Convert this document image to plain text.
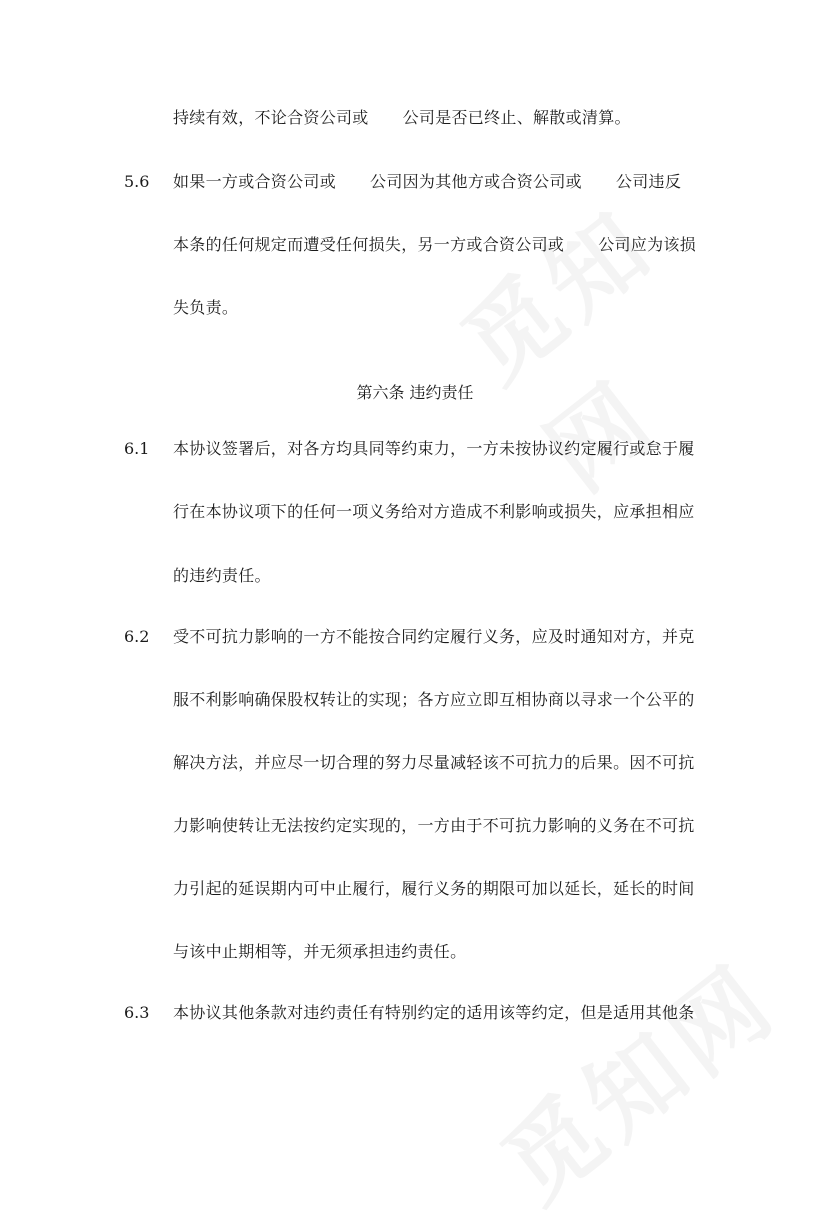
持续有效，不论合资公司或 公司是否已终止、解散或清算。
5.6 如果一方或合资公司或 公司因为其他方或合资公司或 公司违反
本条的任何规定而遭受任何损失，另一方或合资公司或 公司应为该损
失负责。
第六条 违约责任
6.1 本协议签署后，对各方均具同等约束力，一方未按协议约定履行或怠于履
行在本协议项下的任何一项义务给对方造成不利影响或损失，应承担相应
的违约责任。
6.2 受不可抗力影响的一方不能按合同约定履行义务，应及时通知对方，并克
服不利影响确保股权转让的实现；各方应立即互相协商以寻求一个公平的
解决方法，并应尽一切合理的努力尽量减轻该不可抗力的后果。因不可抗
力影响使转让无法按约定实现的，一方由于不可抗力影响的义务在不可抗
力引起的延误期内可中止履行，履行义务的期限可加以延长，延长的时间
与该中止期相等，并无须承担违约责任。
6.3 本协议其他条款对违约责任有特别约定的适用该等约定，但是适用其他条
